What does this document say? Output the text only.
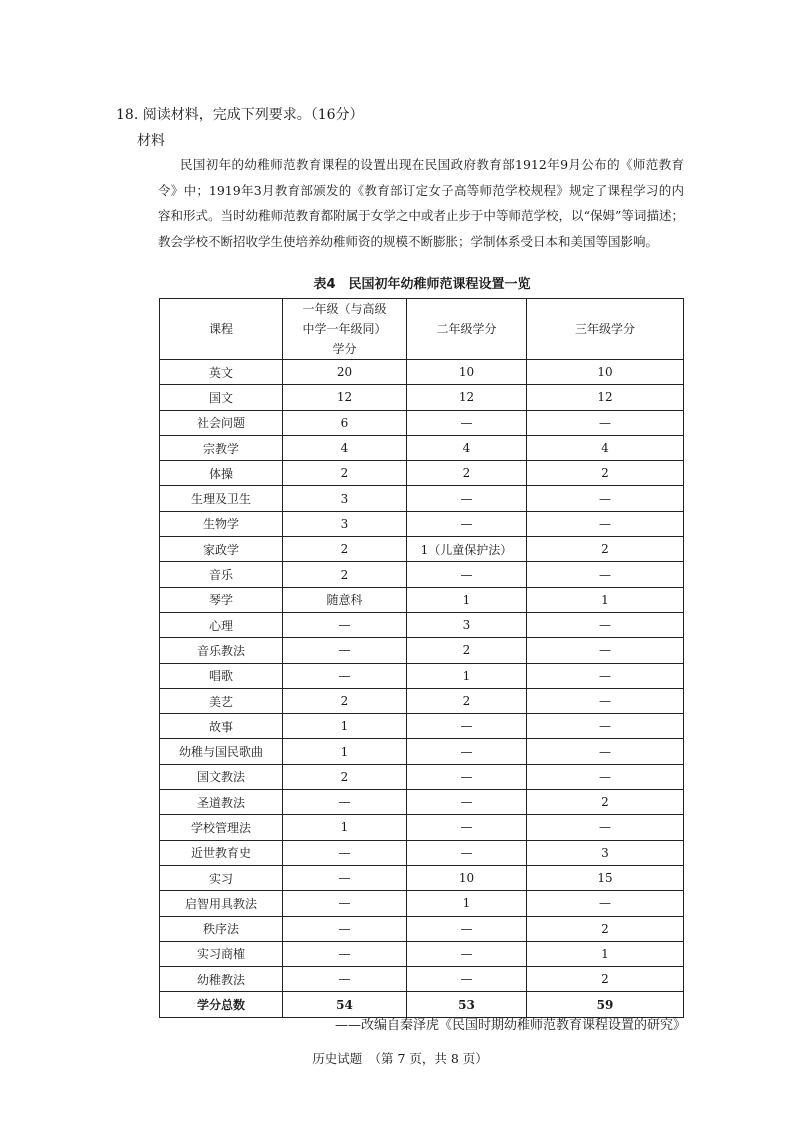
18. 阅读材料，完成下列要求。（16分）
材料
民国初年的幼稚师范教育课程的设置出现在民国政府教育部1912年9月公布的《师范教育令》中；1919年3月教育部颁发的《教育部订定女子高等师范学校规程》规定了课程学习的内容和形式。当时幼稚师范教育都附属于女学之中或者止步于中等师范学校，以“保姆”等词描述；教会学校不断招收学生使培养幼稚师资的规模不断膨胀；学制体系受日本和美国等国影响。
表4　民国初年幼稚师范课程设置一览
课程	一年级（与高级中学一年级同）学分	二年级学分	三年级学分
英文	20	10	10
国文	12	12	12
社会问题	6	—	—
宗教学	4	4	4
体操	2	2	2
生理及卫生	3	—	—
生物学	3	—	—
家政学	2	1（儿童保护法）	2
音乐	2	—	—
琴学	随意科	1	1
心理	—	3	—
音乐教法	—	2	—
唱歌	—	1	—
美艺	2	2	—
故事	1	—	—
幼稚与国民歌曲	1	—	—
国文教法	2	—	—
圣道教法	—	—	2
学校管理法	1	—	—
近世教育史	—	—	3
实习	—	10	15
启智用具教法	—	1	—
秩序法	—	—	2
实习商榷	—	—	1
幼稚教法	—	—	2
学分总数	54	53	59
——改编自秦泽虎《民国时期幼稚师范教育课程设置的研究》
历史试题　（第 7 页，共 8 页）
